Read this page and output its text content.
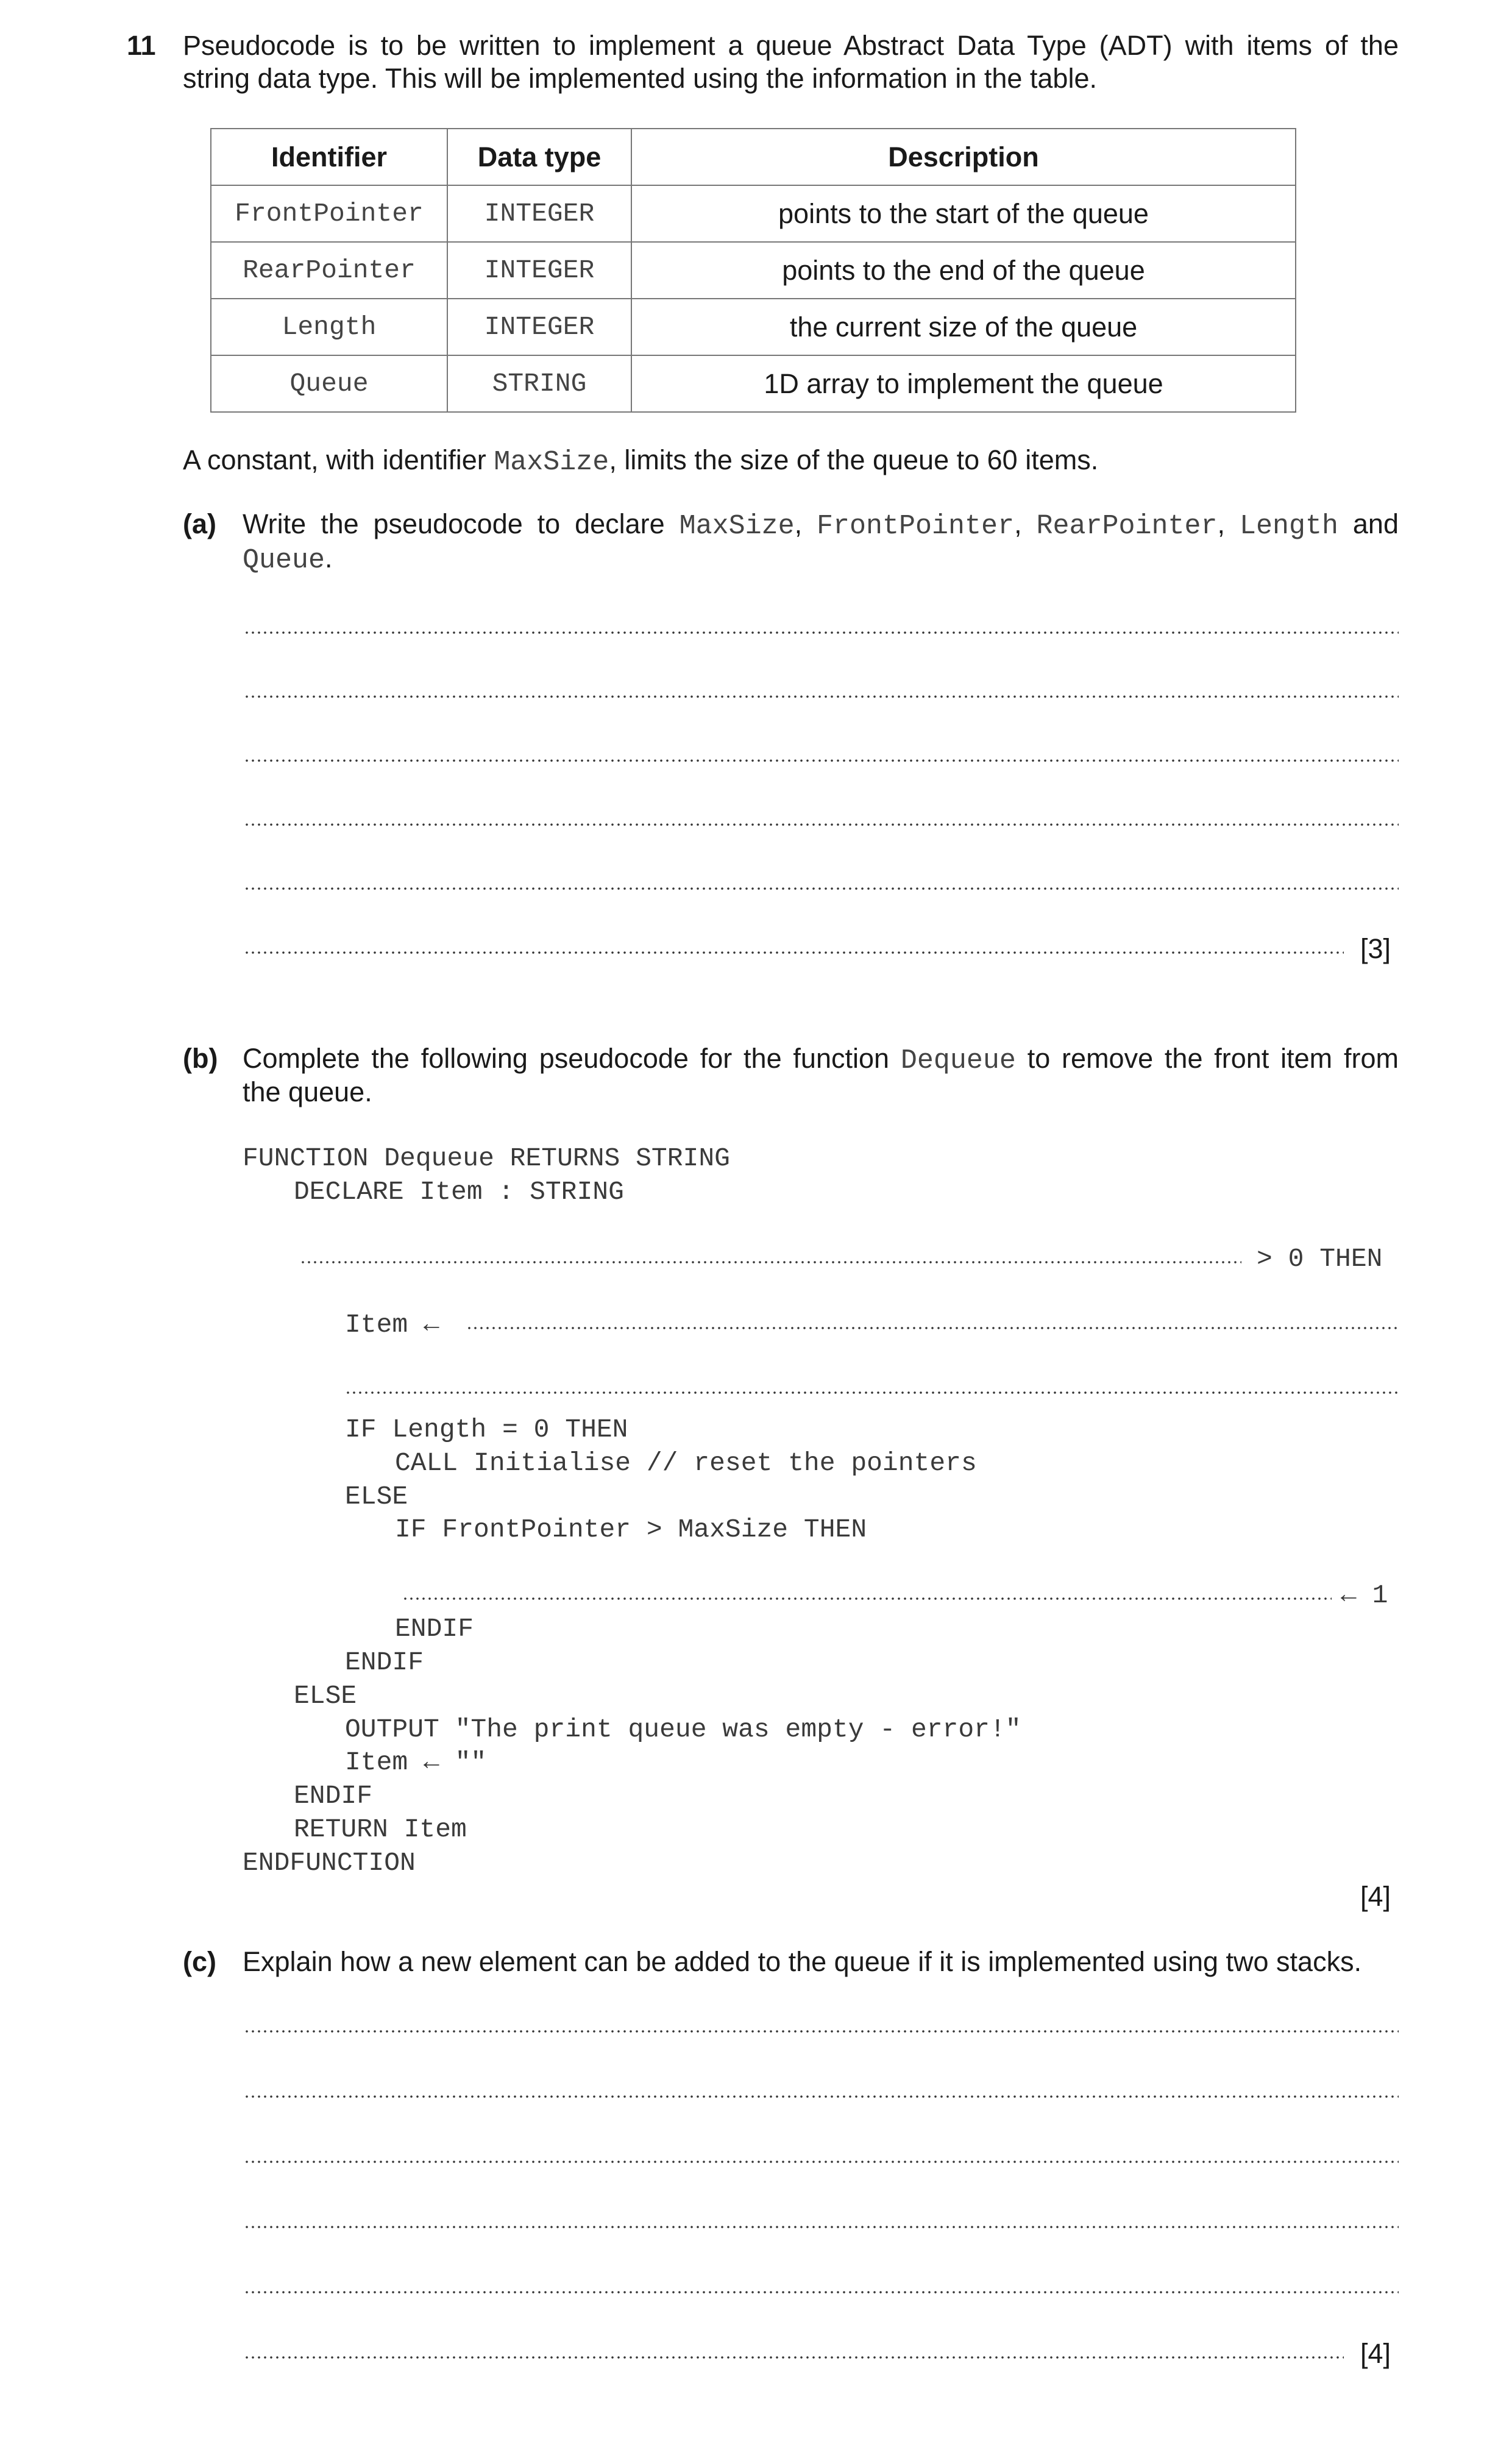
11 Pseudocode is to be written to implement a queue Abstract Data Type (ADT) with items of the
string data type. This will be implemented using the information in the table.
Identifier	Data type	Description
FrontPointer	INTEGER	points to the start of the queue
RearPointer	INTEGER	points to the end of the queue
Length	INTEGER	the current size of the queue
Queue	STRING	1D array to implement the queue
A constant, with identifier MaxSize, limits the size of the queue to 60 items.
(a) Write the pseudocode to declare MaxSize, FrontPointer, RearPointer, Length and
Queue.
[3]
(b) Complete the following pseudocode for the function Dequeue to remove the front item from
the queue.
FUNCTION Dequeue RETURNS STRING
DECLARE Item : STRING
> 0 THEN
Item ←
IF Length = 0 THEN
CALL Initialise // reset the pointers
ELSE
IF FrontPointer > MaxSize THEN
← 1
ENDIF
ENDIF
ELSE
OUTPUT "The print queue was empty - error!"
Item ← ""
ENDIF
RETURN Item
ENDFUNCTION
[4]
(c) Explain how a new element can be added to the queue if it is implemented using two stacks.
[4]
